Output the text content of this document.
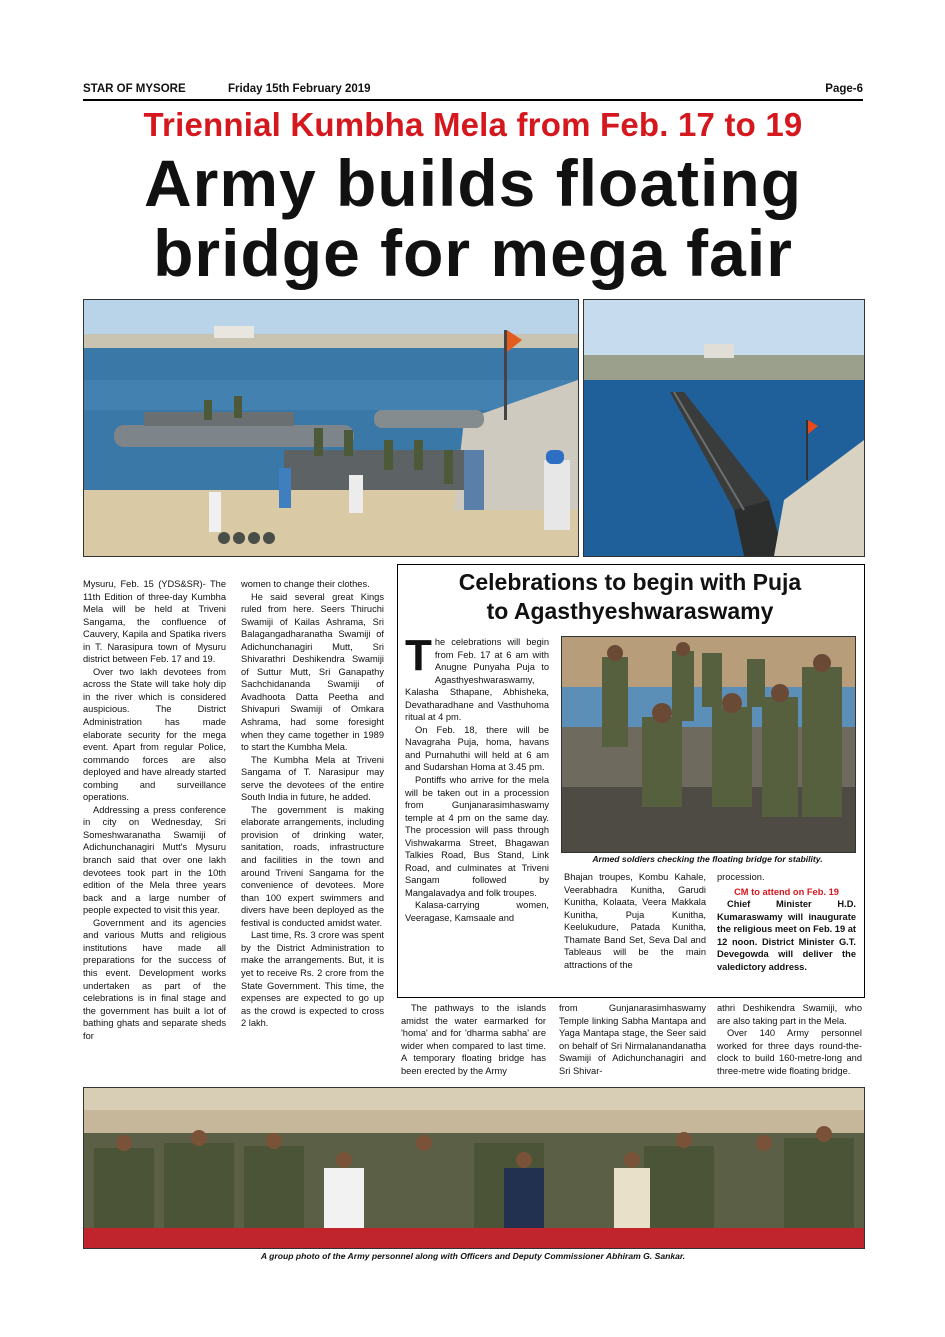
STAR OF MYSORE	Friday 15th February 2019	Page-6
Triennial Kumbha Mela from Feb. 17 to 19
Army builds floating
bridge for mega fair

Mysuru, Feb. 15 (YDS&SR)- The 11th Edition of three-day Kumbha Mela will be held at Triveni Sangama, the confluence of Cauvery, Kapila and Spatika rivers in T. Narasipura town of Mysuru district between Feb. 17 and 19.

Over two lakh devotees from across the State will take holy dip in the river which is considered auspicious. The District Administration has made elaborate security for the mega event. Apart from regular Police, commando forces are also deployed and have already started combing and surveillance operations.

Addressing a press conference in city on Wednesday, Sri Someshwaranatha Swamiji of Adichunchanagiri Mutt's Mysuru branch said that over one lakh devotees took part in the 10th edition of the Mela three years back and a large number of people expected to visit this year.

Government and its agencies and various Mutts and religious institutions have made all preparations for the success of this event. Development works undertaken as part of the celebrations is in final stage and the government has built a lot of bathing ghats and separate sheds for

women to change their clothes.

He said several great Kings ruled from here. Seers Thiruchi Swamiji of Kailas Ashrama, Sri Balagangadharanatha Swamiji of Adichunchanagiri Mutt, Sri Shivarathri Deshikendra Swamiji of Suttur Mutt, Sri Ganapathy Sachchidananda Swamiji of Avadhoota Datta Peetha and Shivapuri Swamiji of Omkara Ashrama, had some foresight when they came together in 1989 to start the Kumbha Mela.

The Kumbha Mela at Triveni Sangama of T. Narasipur may serve the devotees of the entire South India in future, he added.

The government is making elaborate arrangements, including provision of drinking water, sanitation, roads, infrastructure and facilities in the town and around Triveni Sangama for the convenience of devotees. More than 100 expert swimmers and divers have been deployed as the festival is conducted amidst water.

Last time, Rs. 3 crore was spent by the District Administration to make the arrangements. But, it is yet to receive Rs. 2 crore from the State Government. This time, the expenses are expected to go up as the crowd is expected to cross 2 lakh.

Celebrations to begin with Puja
to Agasthyeshwaraswamy
T he celebrations will begin from Feb. 17 at 6 am with Anugne Punyaha Puja to Agasthyeshwaraswamy, Kalasha Sthapane, Abhisheka, Devatharadhane and Vasthuhoma ritual at 4 pm.

On Feb. 18, there will be Navagraha Puja, homa, havans and Purnahuthi will held at 6 am and Sudarshan Homa at 3.45 pm.

Pontiffs who arrive for the mela will be taken out in a procession from Gunjanarasimhaswamy temple at 4 pm on the same day. The procession will pass through Vishwakarma Street, Bhagawan Talkies Road, Bus Stand, Link Road, and culminates at Triveni Sangam followed by Mangalavadya and folk troupes.

Kalasa-carrying women, Veeragase, Kamsaale and

Armed soldiers checking the floating bridge for stability.

Bhajan troupes, Kombu Kahale, Veerabhadra Kunitha, Garudi Kunitha, Kolaata, Veera Makkala Kunitha, Puja Kunitha, Keelukudure, Patada Kunitha, Thamate Band Set, Seva Dal and Tableaus will be the main attractions of the

procession.

CM to attend on Feb. 19

Chief Minister H.D. Kumaraswamy will inaugurate the religious meet on Feb. 19 at 12 noon. District Minister G.T. Devegowda will deliver the valedictory address.

The pathways to the islands amidst the water earmarked for 'homa' and for 'dharma sabha' are wider when compared to last time. A temporary floating bridge has been erected by the Army

from Gunjanarasimhaswamy Temple linking Sabha Mantapa and Yaga Mantapa stage, the Seer said on behalf of Sri Nirmalanandanatha Swamiji of Adichunchanagiri and Sri Shivar-

athri Deshikendra Swamiji, who are also taking part in the Mela.

Over 140 Army personnel worked for three days round-the-clock to build 160-metre-long and three-metre wide floating bridge.

A group photo of the Army personnel along with Officers and Deputy Commissioner Abhiram G. Sankar.
